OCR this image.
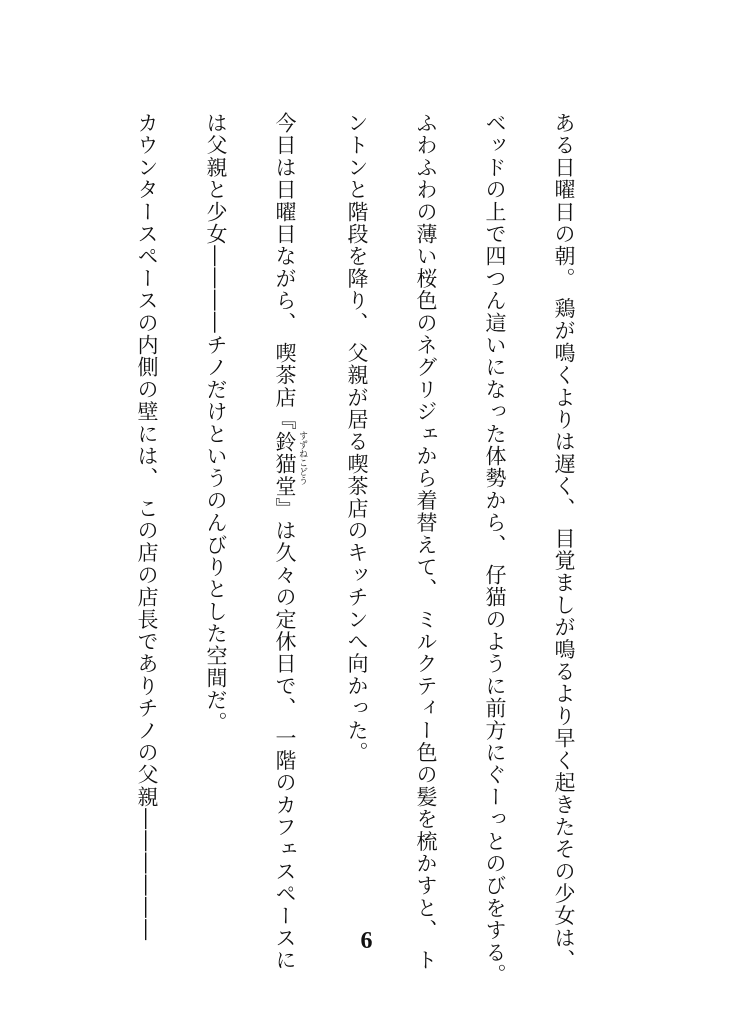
ある日曜日の朝。 鶏が鳴くよりは遅く、 目覚ましが鳴るより早く起きたその少女は、
ベッドの上で四つん這いになった体勢から、 仔猫のように前方にぐーっとのびをする。
ふわふわの薄い桜色のネグリジェから着替えて、 ミルクティー色の髪を梳かすと、 ト
ントンと階段を降り、 父親が居る喫茶店のキッチンへ向かった。
今日は日曜日ながら、 喫茶店『鈴猫堂 すずねこどう
』は久々の定休日で、 一階のカフェスペースに
は父親と少女――――チノだけというのんびりとした空間だ。
カウンタースペースの内側の壁には、 この店の店長でありチノの父親――――――	6
